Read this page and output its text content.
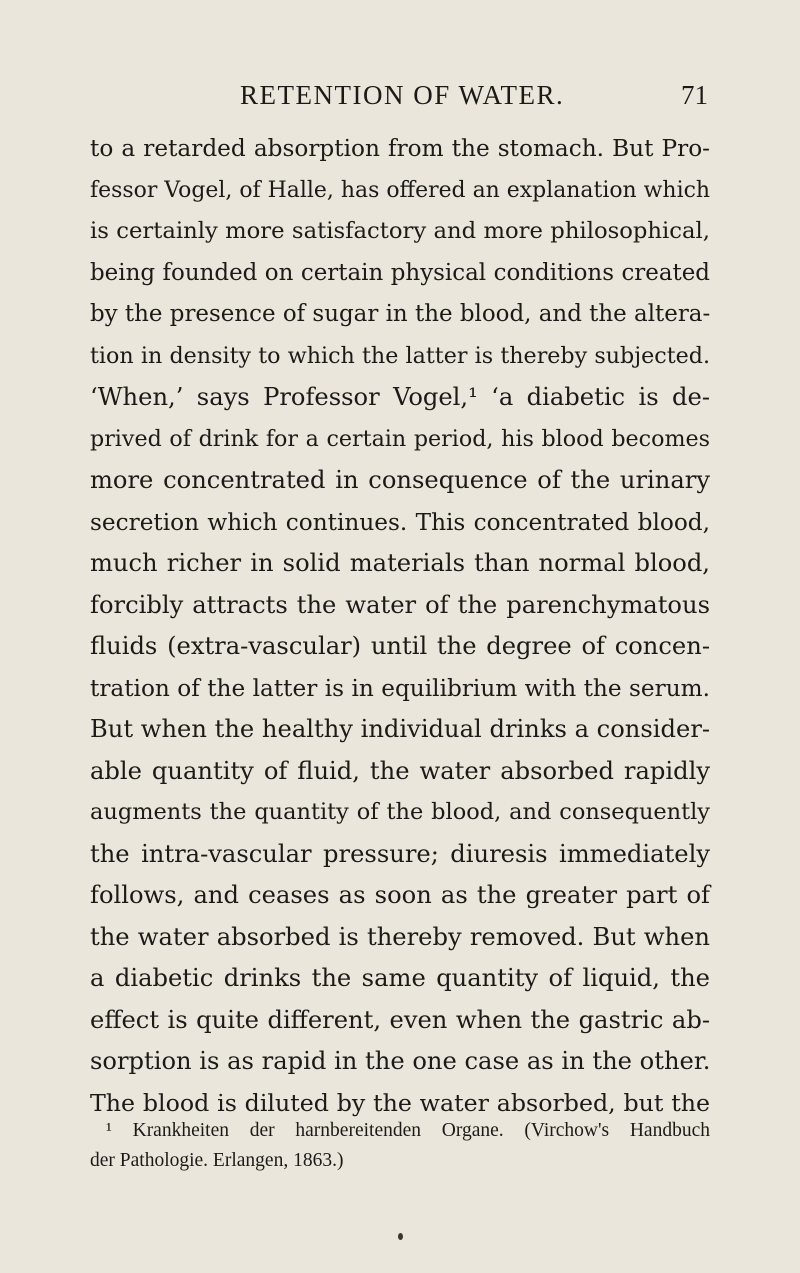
RETENTION OF WATER.	71
to a retarded absorption from the stomach. But Pro-
fessor Vogel, of Halle, has offered an explanation which
is certainly more satisfactory and more philosophical,
being founded on certain physical conditions created
by the presence of sugar in the blood, and the altera-
tion in density to which the latter is thereby subjected.
‘When,’ says Professor Vogel,¹ ‘a diabetic is de-
prived of drink for a certain period, his blood becomes
more concentrated in consequence of the urinary
secretion which continues. This concentrated blood,
much richer in solid materials than normal blood,
forcibly attracts the water of the parenchymatous
fluids (extra-vascular) until the degree of concen-
tration of the latter is in equilibrium with the serum.
But when the healthy individual drinks a consider-
able quantity of fluid, the water absorbed rapidly
augments the quantity of the blood, and consequently
the intra-vascular pressure; diuresis immediately
follows, and ceases as soon as the greater part of
the water absorbed is thereby removed. But when
a diabetic drinks the same quantity of liquid, the
effect is quite different, even when the gastric ab-
sorption is as rapid in the one case as in the other.
The blood is diluted by the water absorbed, but the
¹ Krankheiten der harnbereitenden Organe. (Virchow's Handbuch
der Pathologie. Erlangen, 1863.)
